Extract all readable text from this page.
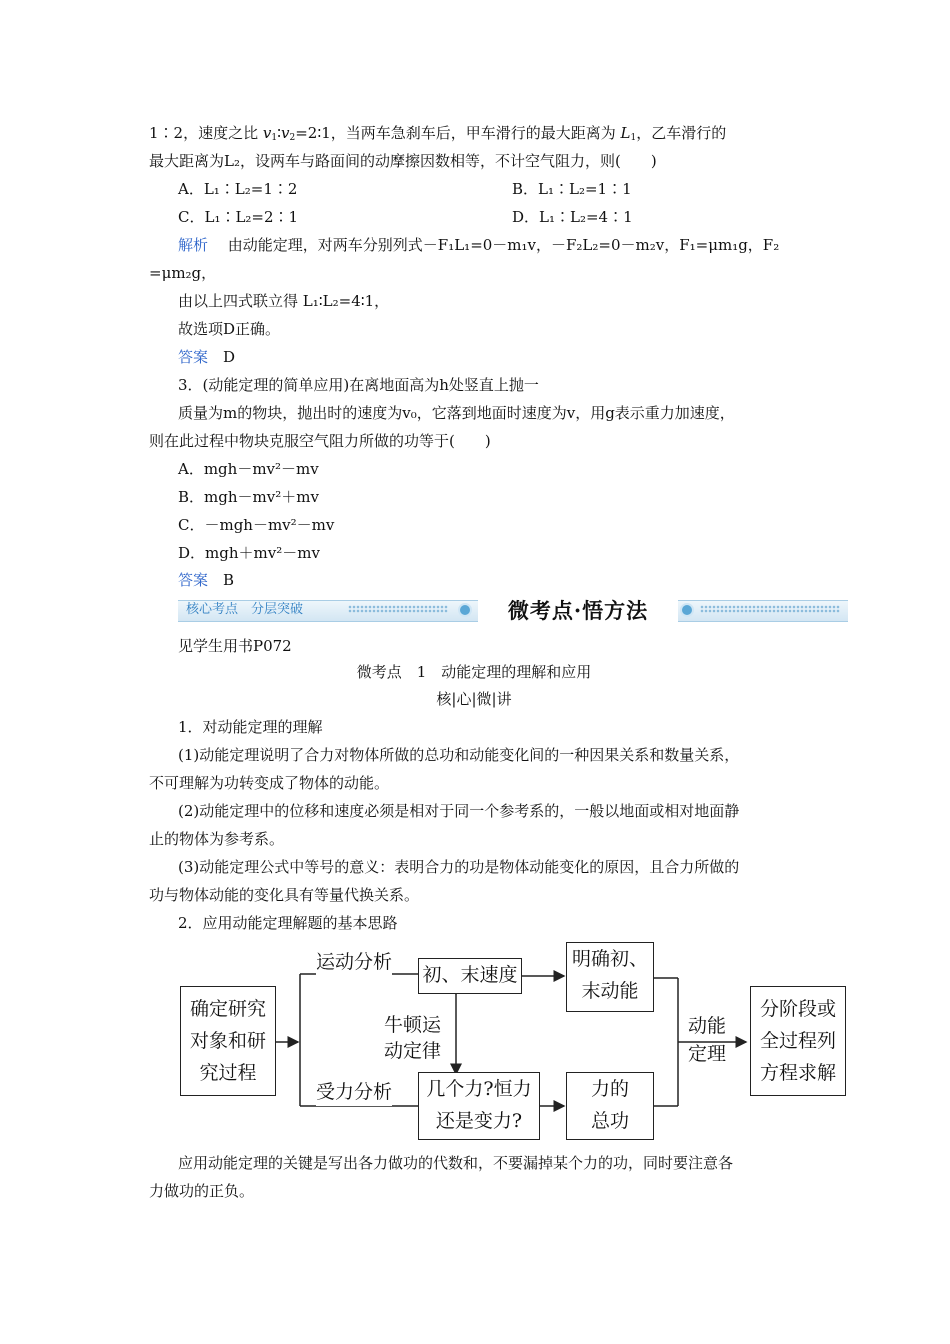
1∶2，速度之比 $v_1∶v_2=2∶1$，当两车急刹车后，甲车滑行的最大距离为 $L_1$，乙车滑行的
最大距离为L₂，设两车与路面间的动摩擦因数相等，不计空气阻力，则(　　)
A．L₁∶L₂=1∶2	B．L₁∶L₂=1∶1
C．L₁∶L₂=2∶1	D．L₁∶L₂=4∶1
解析　 由动能定理，对两车分别列式－F₁L₁=0－m₁v，－F₂L₂=0－m₂v，F₁=μm₁g，F₂
=μm₂g，
由以上四式联立得 L₁∶L₂=4∶1，
故选项D正确。
答案　 D
3．(动能定理的简单应用)在离地面高为h处竖直上抛一
质量为m的物块，抛出时的速度为v₀，它落到地面时速度为v，用g表示重力加速度，
则在此过程中物块克服空气阻力所做的功等于(　　)
A．mgh－mv²－mv
B．mgh－mv²＋mv
C．－mgh－mv²－mv
D．mgh＋mv²－mv
答案　 B
核心考点　分层突破	微考点·悟方法
见学生用书P072
微考点　1　动能定理的理解和应用
核|心|微|讲
1．对动能定理的理解
(1)动能定理说明了合力对物体所做的总功和动能变化间的一种因果关系和数量关系，
不可理解为功转变成了物体的动能。
(2)动能定理中的位移和速度必须是相对于同一个参考系的，一般以地面或相对地面静
止的物体为参考系。
(3)动能定理公式中等号的意义：表明合力的功是物体动能变化的原因，且合力所做的
功与物体动能的变化具有等量代换关系。
2．应用动能定理解题的基本思路
确定研究
对象和研
究过程
运动分析
受力分析
初、末速度
牛顿运
动定律
几个力?恒力
还是变力?
明确初、
末动能
力的
总功
动能
定理
分阶段或
全过程列
方程求解
应用动能定理的关键是写出各力做功的代数和，不要漏掉某个力的功，同时要注意各
力做功的正负。
